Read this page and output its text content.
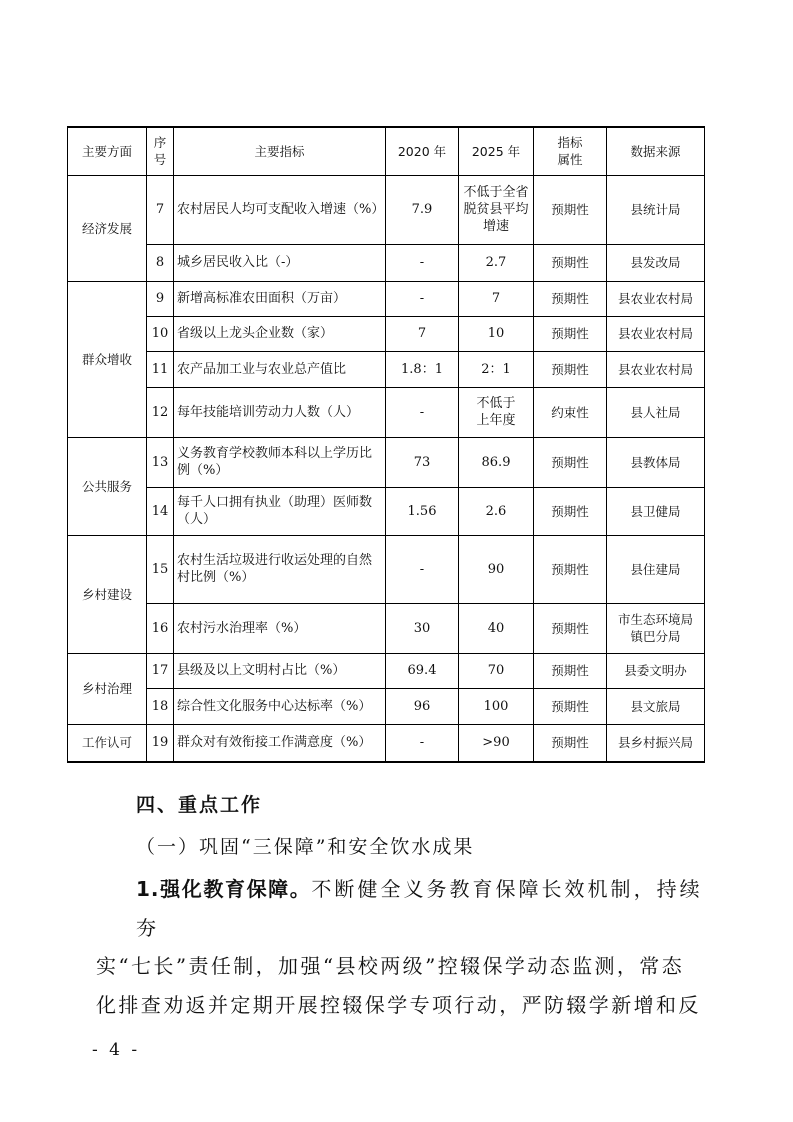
主要方面	序号	主要指标	2020 年	2025 年	指标属性	数据来源
经济发展	7	农村居民人均可支配收入增速（%）	7.9	不低于全省脱贫县平均增速	预期性	县统计局
	8	城乡居民收入比（-）	-	2.7	预期性	县发改局
群众增收	9	新增高标准农田面积（万亩）	-	7	预期性	县农业农村局
	10	省级以上龙头企业数（家）	7	10	预期性	县农业农村局
	11	农产品加工业与农业总产值比	1.8：1	2：1	预期性	县农业农村局
	12	每年技能培训劳动力人数（人）	-	不低于上年度	约束性	县人社局
公共服务	13	义务教育学校教师本科以上学历比例（%）	73	86.9	预期性	县教体局
	14	每千人口拥有执业（助理）医师数（人）	1.56	2.6	预期性	县卫健局
乡村建设	15	农村生活垃圾进行收运处理的自然村比例（%）	-	90	预期性	县住建局
	16	农村污水治理率（%）	30	40	预期性	市生态环境局镇巴分局
乡村治理	17	县级及以上文明村占比（%）	69.4	70	预期性	县委文明办
	18	综合性文化服务中心达标率（%）	96	100	预期性	县文旅局
工作认可	19	群众对有效衔接工作满意度（%）	-	>90	预期性	县乡村振兴局
四、重点工作
（一）巩固“三保障”和安全饮水成果
1.强化教育保障。不断健全义务教育保障长效机制，持续夯
实“七长”责任制，加强“县校两级”控辍保学动态监测，常态
化排查劝返并定期开展控辍保学专项行动，严防辍学新增和反
- 4 -
